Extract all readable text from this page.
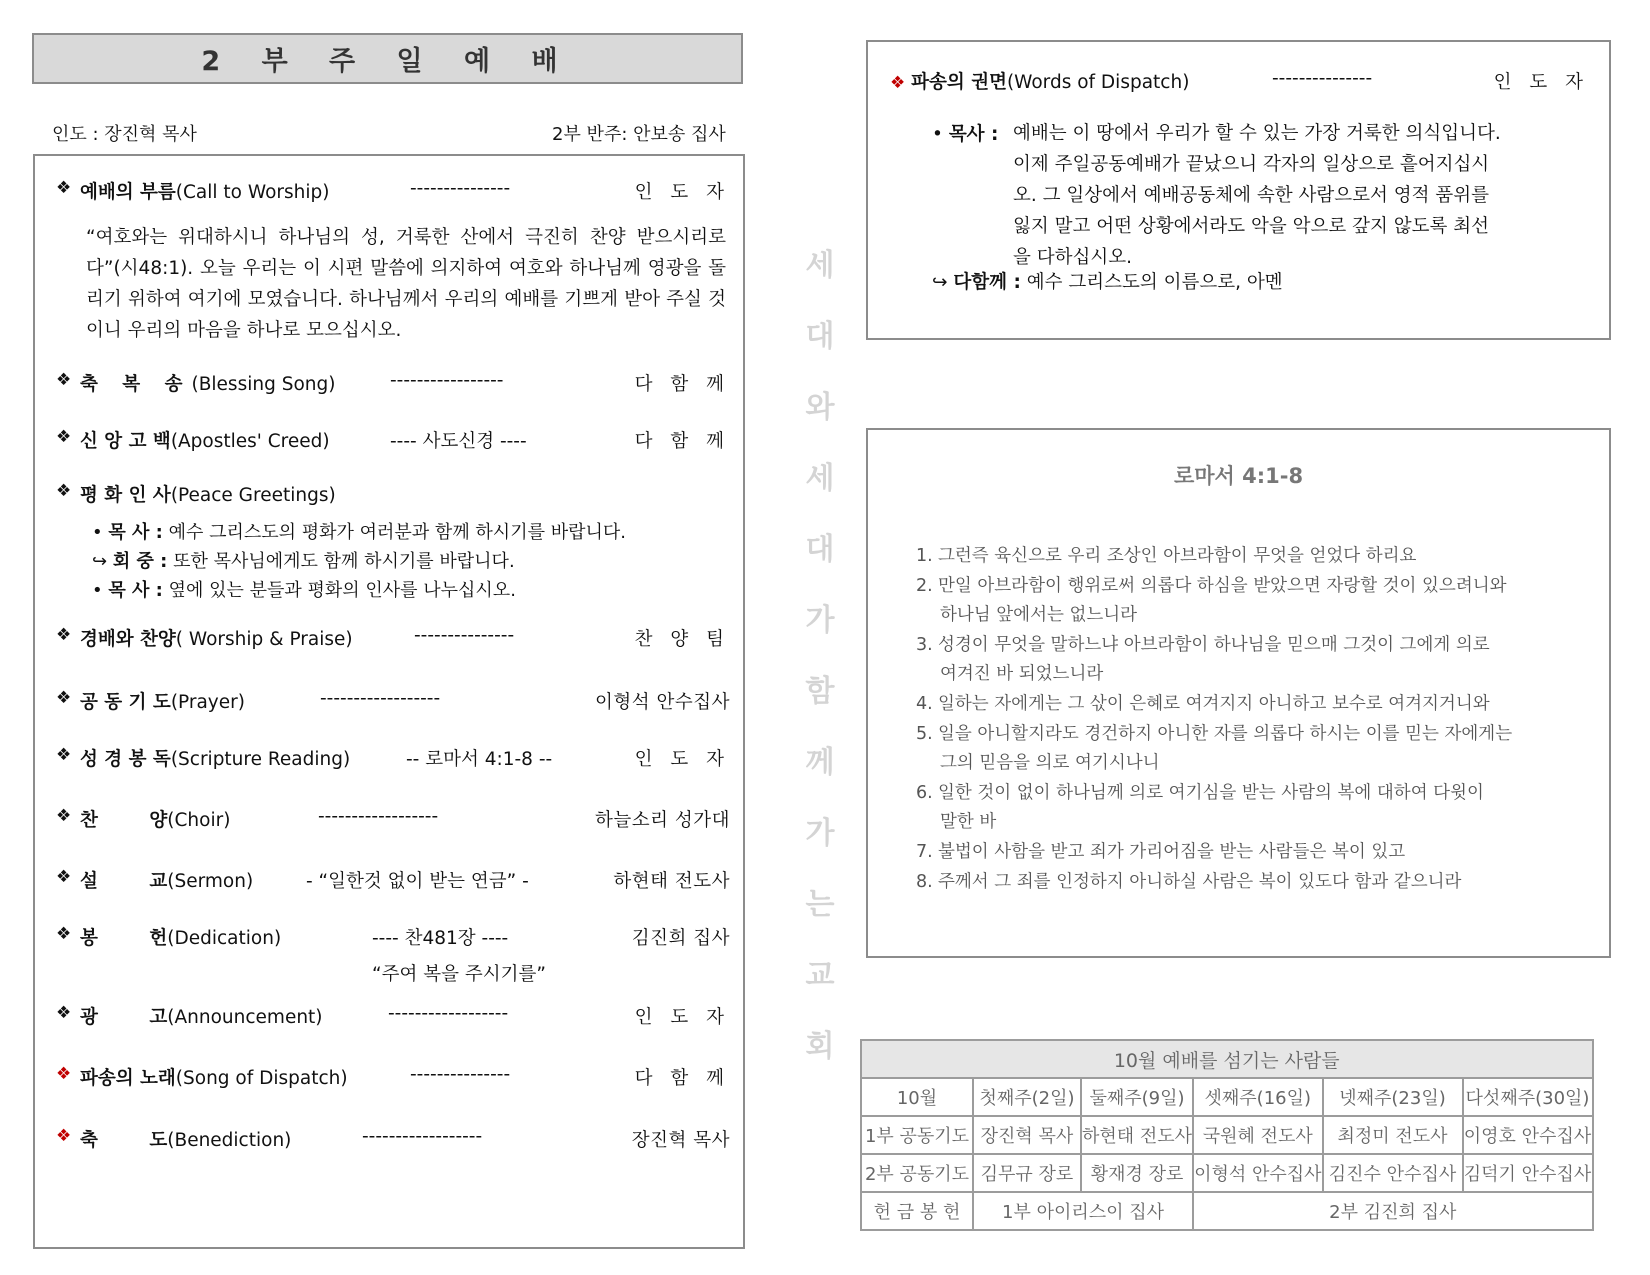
2 부 주 일 예 배
인도 : 장진혁 목사	2부 반주: 안보송 집사
❖ 예배의 부름(Call to Worship)	---------------	인 도 자
“여호와는 위대하시니 하나님의 성, 거룩한 산에서 극진히 찬양 받으시리로다”(시48:1). 오늘 우리는 이 시편 말씀에 의지하여 여호와 하나님께 영광을 돌리기 위하여 여기에 모였습니다. 하나님께서 우리의 예배를 기쁘게 받아 주실 것이니 우리의 마음을 하나로 모으십시오.
❖ 축 복 송(Blessing Song)	-----------------	다 함 께
❖ 신 앙 고 백(Apostles' Creed)	---- 사도신경 ----	다 함 께
❖ 평 화 인 사(Peace Greetings)
• 목 사 : 예수 그리스도의 평화가 여러분과 함께 하시기를 바랍니다.
↪ 회 중 : 또한 목사님에게도 함께 하시기를 바랍니다.
• 목 사 : 옆에 있는 분들과 평화의 인사를 나누십시오.
❖ 경배와 찬양( Worship & Praise)	---------------	찬 양 팀
❖ 공 동 기 도(Prayer)	------------------	이형석 안수집사
❖ 성 경 봉 독(Scripture Reading)	-- 로마서 4:1-8 --	인 도 자
❖ 찬        양(Choir)	------------------	하늘소리 성가대
❖ 설        교(Sermon)	- “일한것 없이 받는 연금” -	하현태 전도사
❖ 봉        헌(Dedication)	---- 찬481장 ----	김진희 집사
“주여 복을 주시기를”
❖ 광        고(Announcement)	------------------	인 도 자
❖ 파송의 노래(Song of Dispatch)	---------------	다 함 께
❖ 축        도(Benediction)	------------------	장진혁 목사
세
대
와
세
대
가
함
께
가
는
교
회
❖ 파송의 권면(Words of Dispatch)	---------------	인 도 자
• 목사 : 예배는 이 땅에서 우리가 할 수 있는 가장 거룩한 의식입니다.
이제 주일공동예배가 끝났으니 각자의 일상으로 흩어지십시
오. 그 일상에서 예배공동체에 속한 사람으로서 영적 품위를
잃지 말고 어떤 상황에서라도 악을 악으로 갚지 않도록 최선
을 다하십시오.
↪ 다함께 : 예수 그리스도의 이름으로, 아멘
로마서 4:1-8
1. 그런즉 육신으로 우리 조상인 아브라함이 무엇을 얻었다 하리요
2. 만일 아브라함이 행위로써 의롭다 하심을 받았으면 자랑할 것이 있으려니와
하나님 앞에서는 없느니라
3. 성경이 무엇을 말하느냐 아브라함이 하나님을 믿으매 그것이 그에게 의로
여겨진 바 되었느니라
4. 일하는 자에게는 그 삯이 은혜로 여겨지지 아니하고 보수로 여겨지거니와
5. 일을 아니할지라도 경건하지 아니한 자를 의롭다 하시는 이를 믿는 자에게는
그의 믿음을 의로 여기시나니
6. 일한 것이 없이 하나님께 의로 여기심을 받는 사람의 복에 대하여 다윗이
말한 바
7. 불법이 사함을 받고 죄가 가리어짐을 받는 사람들은 복이 있고
8. 주께서 그 죄를 인정하지 아니하실 사람은 복이 있도다 함과 같으니라
10월 예배를 섬기는 사람들					
10월	첫째주(2일)	둘째주(9일)	셋째주(16일)	넷째주(23일)	다섯째주(30일)
1부 공동기도	장진혁 목사	하현태 전도사	국원혜 전도사	최정미 전도사	이영호 안수집사
2부 공동기도	김무규 장로	황재경 장로	이형석 안수집사	김진수 안수집사	김덕기 안수집사
헌 금 봉 헌	1부 아이리스이 집사		2부 김진희 집사		
